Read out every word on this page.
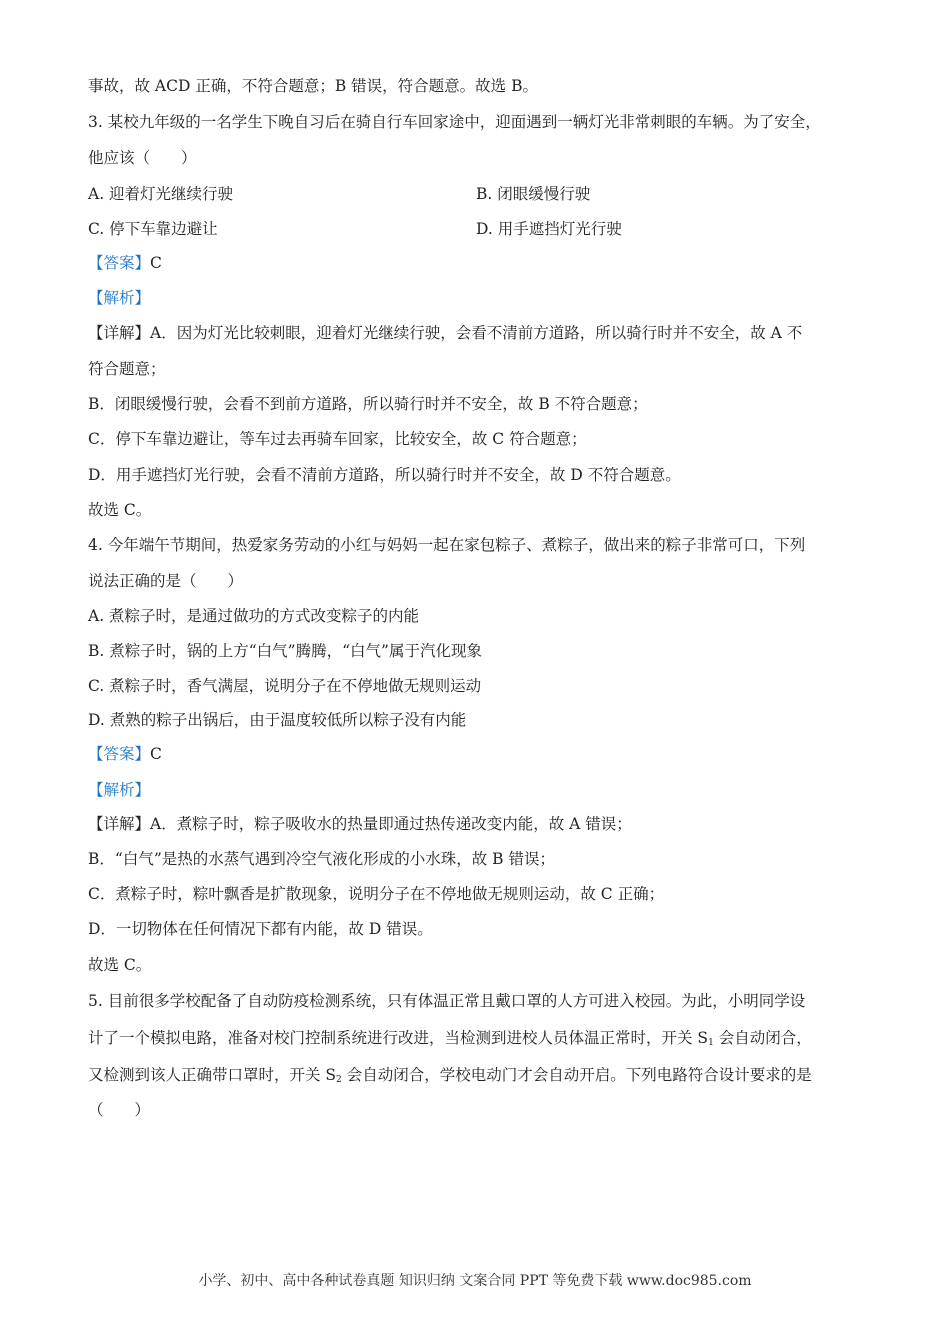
事故，故 ACD 正确，不符合题意；B 错误，符合题意。故选 B。
3. 某校九年级的一名学生下晚自习后在骑自行车回家途中，迎面遇到一辆灯光非常刺眼的车辆。为了安全，
他应该（　　）
A. 迎着灯光继续行驶	B. 闭眼缓慢行驶
C. 停下车靠边避让	D. 用手遮挡灯光行驶
【答案】C
【解析】
【详解】A．因为灯光比较刺眼，迎着灯光继续行驶，会看不清前方道路，所以骑行时并不安全，故 A 不
符合题意；
B．闭眼缓慢行驶，会看不到前方道路，所以骑行时并不安全，故 B 不符合题意；
C．停下车靠边避让，等车过去再骑车回家，比较安全，故 C 符合题意；
D．用手遮挡灯光行驶，会看不清前方道路，所以骑行时并不安全，故 D 不符合题意。
故选 C。
4. 今年端午节期间，热爱家务劳动的小红与妈妈一起在家包粽子、煮粽子，做出来的粽子非常可口，下列
说法正确的是（　　）
A. 煮粽子时，是通过做功的方式改变粽子的内能
B. 煮粽子时，锅的上方“白气”腾腾，“白气”属于汽化现象
C. 煮粽子时，香气满屋，说明分子在不停地做无规则运动
D. 煮熟的粽子出锅后，由于温度较低所以粽子没有内能
【答案】C
【解析】
【详解】A．煮粽子时，粽子吸收水的热量即通过热传递改变内能，故 A 错误；
B．“白气”是热的水蒸气遇到冷空气液化形成的小水珠，故 B 错误；
C．煮粽子时，粽叶飘香是扩散现象，说明分子在不停地做无规则运动，故 C 正确；
D．一切物体在任何情况下都有内能，故 D 错误。
故选 C。
5. 目前很多学校配备了自动防疫检测系统，只有体温正常且戴口罩的人方可进入校园。为此，小明同学设
计了一个模拟电路，准备对校门控制系统进行改进，当检测到进校人员体温正常时，开关 $S_1$ 会自动闭合，
又检测到该人正确带口罩时，开关 $S_2$ 会自动闭合，学校电动门才会自动开启。下列电路符合设计要求的是
（　　）
小学、初中、高中各种试卷真题 知识归纳 文案合同 PPT 等免费下载 www.doc985.com
